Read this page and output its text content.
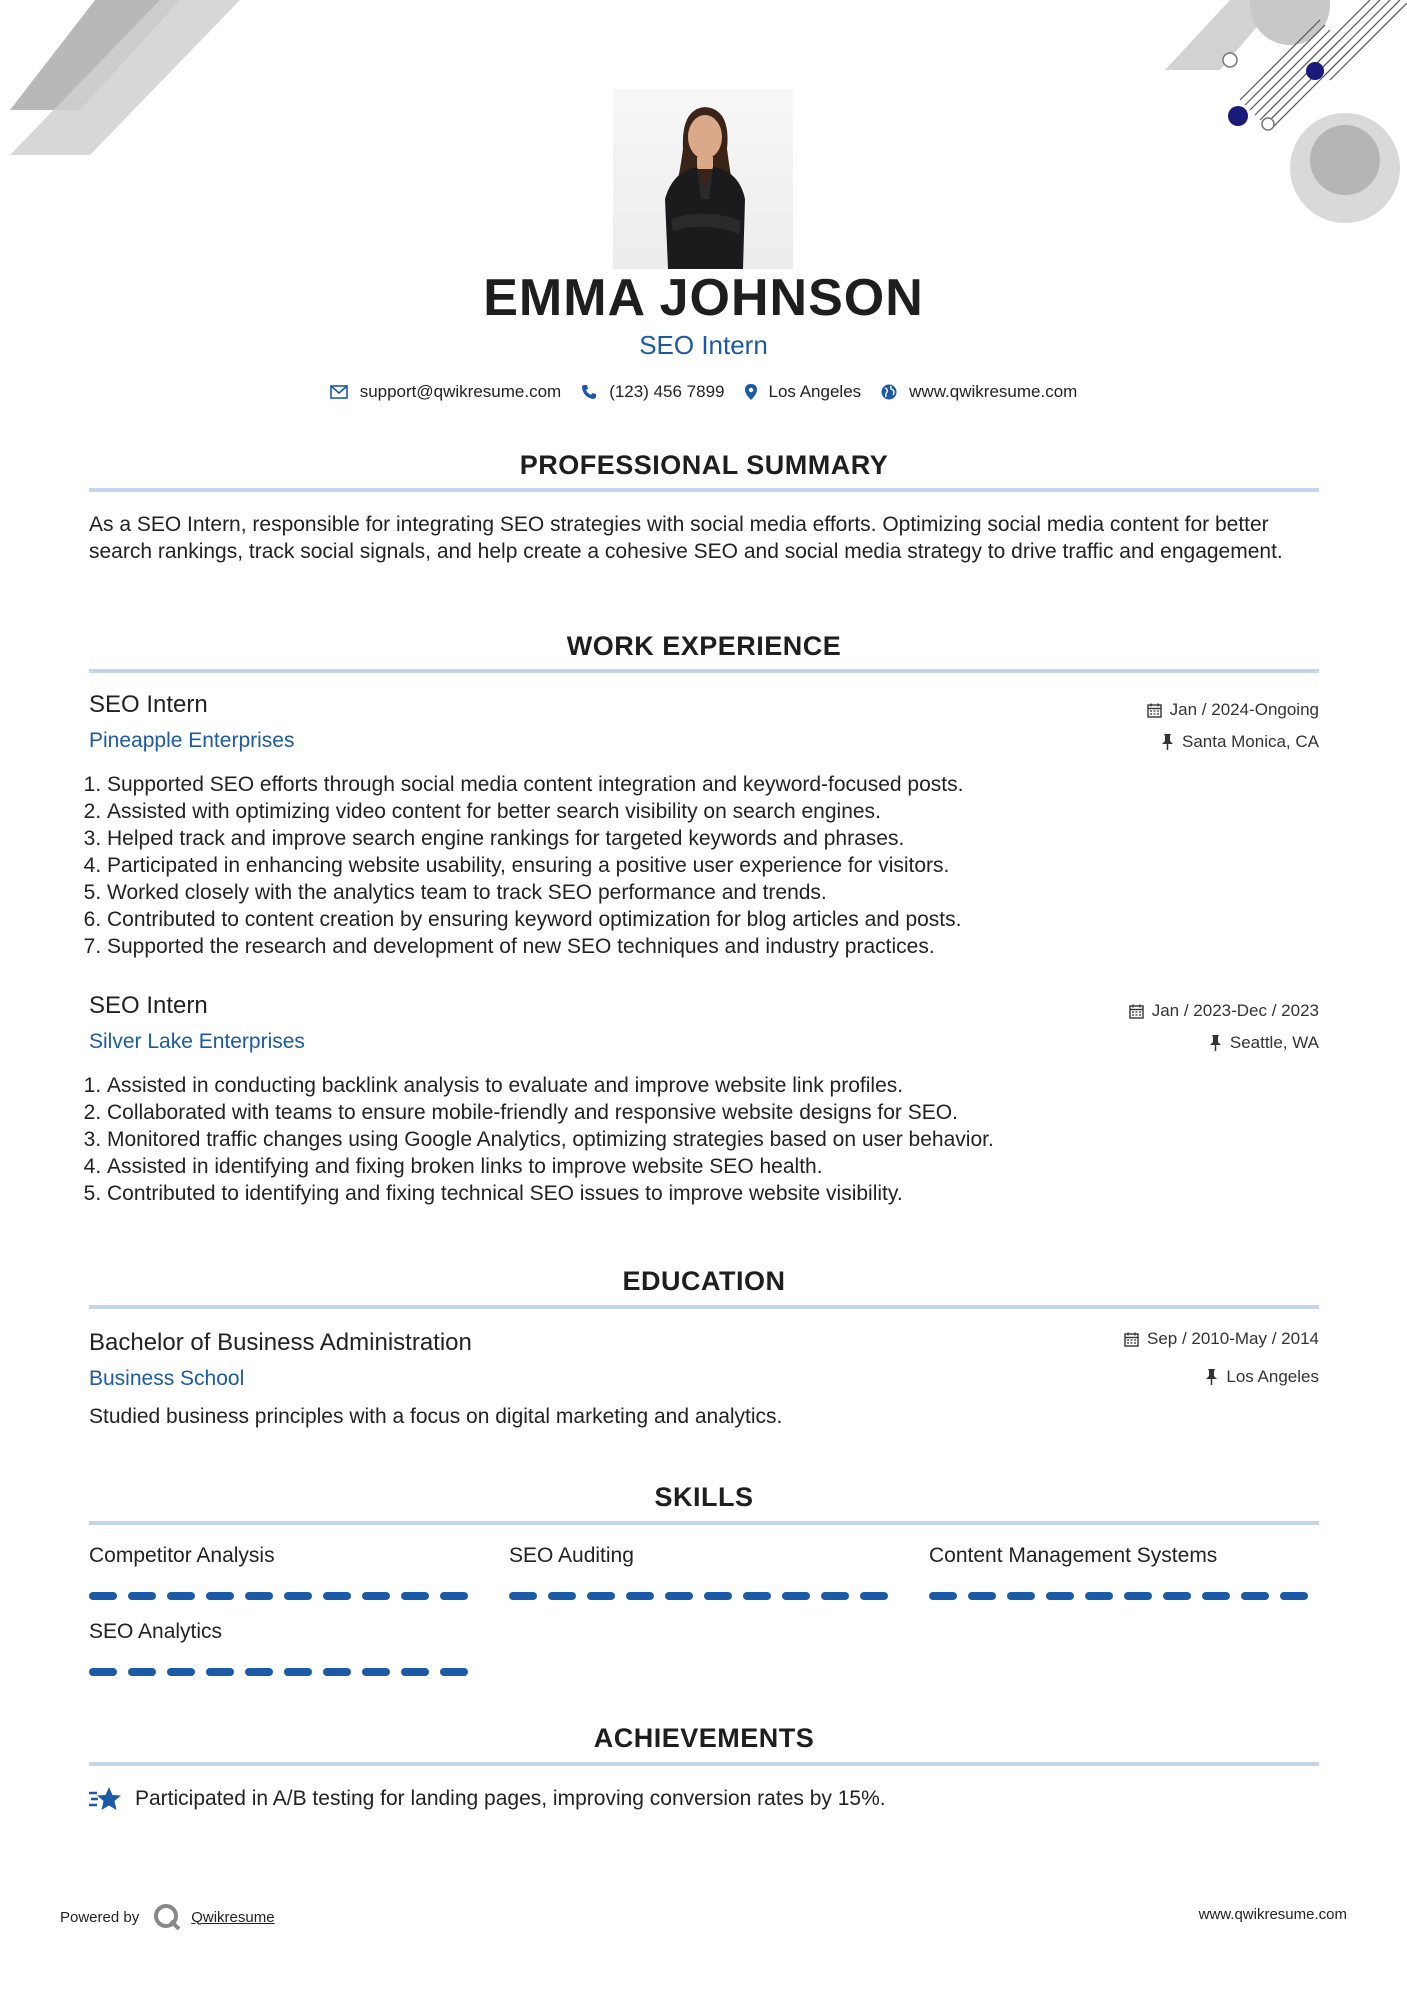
EMMA JOHNSON
SEO Intern
support@qwikresume.com	(123) 456 7899	Los Angeles	www.qwikresume.com
PROFESSIONAL SUMMARY
As a SEO Intern, responsible for integrating SEO strategies with social media efforts. Optimizing social media content for better search rankings, track social signals, and help create a cohesive SEO and social media strategy to drive traffic and engagement.
WORK EXPERIENCE
SEO Intern
Pineapple Enterprises
Jan / 2024-Ongoing
Santa Monica, CA
1. Supported SEO efforts through social media content integration and keyword-focused posts.
2. Assisted with optimizing video content for better search visibility on search engines.
3. Helped track and improve search engine rankings for targeted keywords and phrases.
4. Participated in enhancing website usability, ensuring a positive user experience for visitors.
5. Worked closely with the analytics team to track SEO performance and trends.
6. Contributed to content creation by ensuring keyword optimization for blog articles and posts.
7. Supported the research and development of new SEO techniques and industry practices.
SEO Intern
Silver Lake Enterprises
Jan / 2023-Dec / 2023
Seattle, WA
1. Assisted in conducting backlink analysis to evaluate and improve website link profiles.
2. Collaborated with teams to ensure mobile-friendly and responsive website designs for SEO.
3. Monitored traffic changes using Google Analytics, optimizing strategies based on user behavior.
4. Assisted in identifying and fixing broken links to improve website SEO health.
5. Contributed to identifying and fixing technical SEO issues to improve website visibility.
EDUCATION
Bachelor of Business Administration
Business School
Sep / 2010-May / 2014
Los Angeles
Studied business principles with a focus on digital marketing and analytics.
SKILLS
Competitor Analysis	SEO Auditing	Content Management Systems
SEO Analytics
ACHIEVEMENTS
Participated in A/B testing for landing pages, improving conversion rates by 15%.
Powered by	Qwikresume	www.qwikresume.com
